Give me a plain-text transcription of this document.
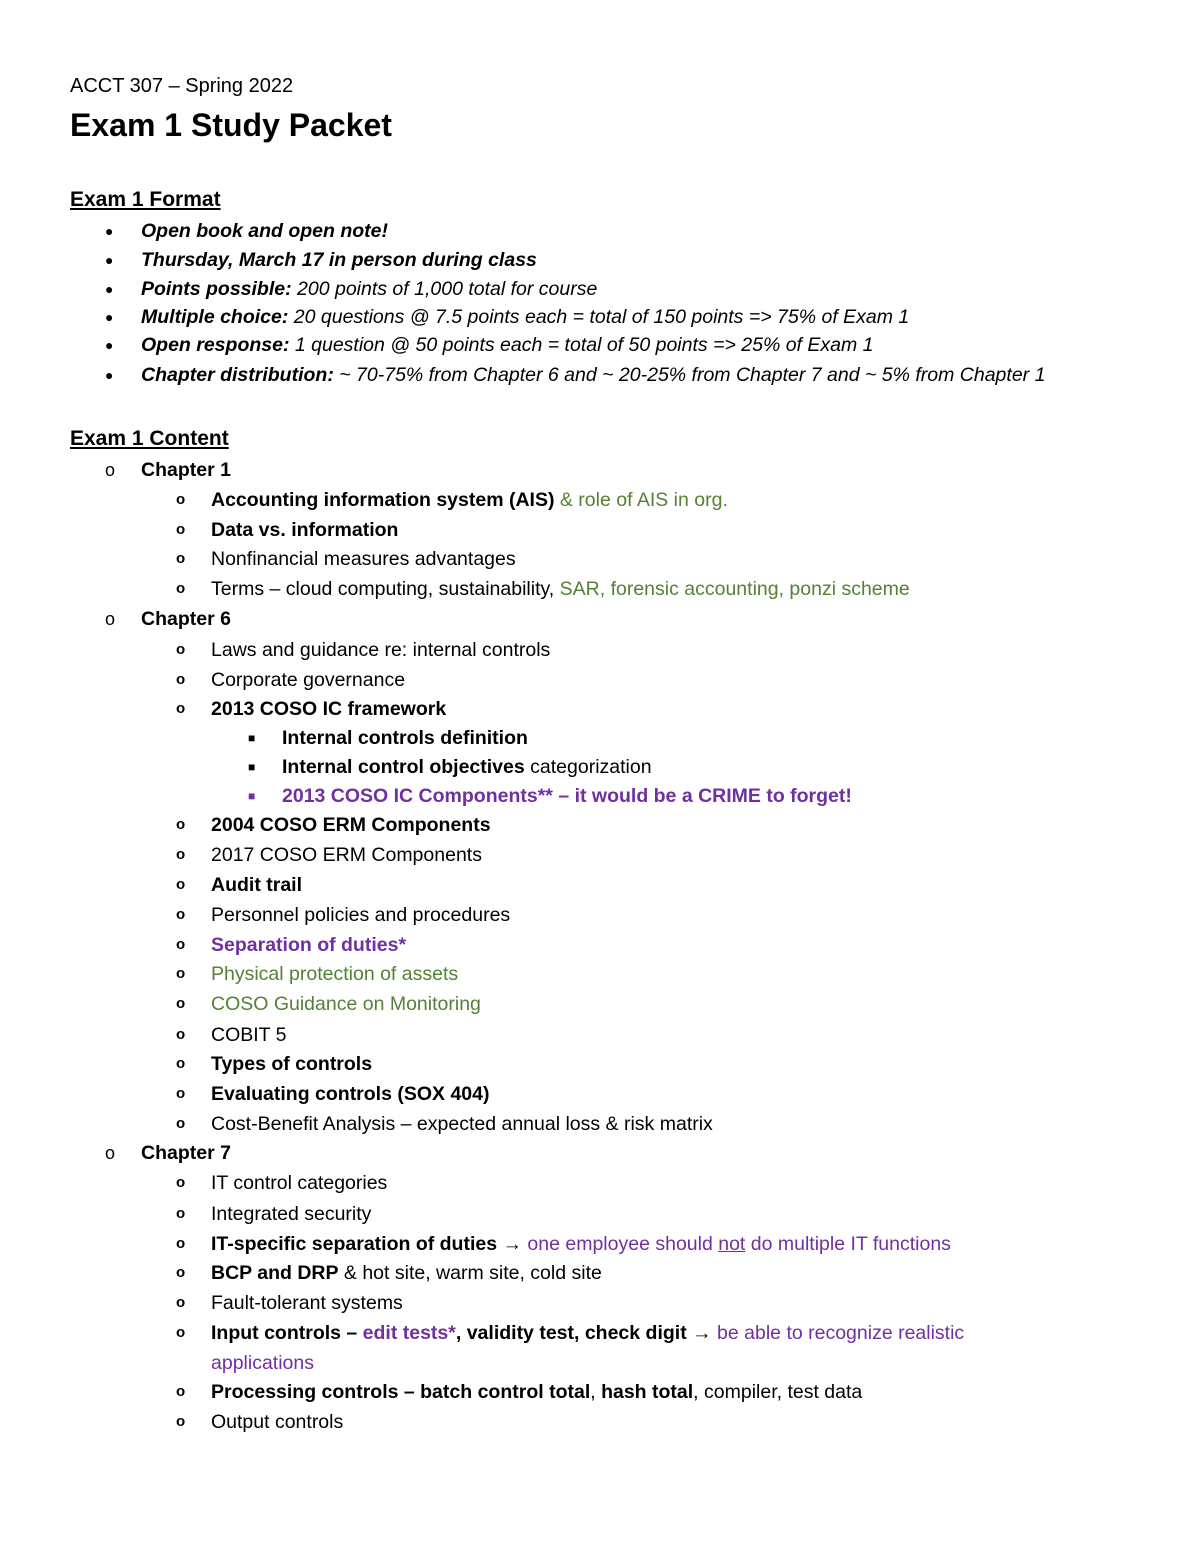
ACCT 307 – Spring 2022
Exam 1 Study Packet
Exam 1 Format
● Open book and open note!
● Thursday, March 17 in person during class
● Points possible: 200 points of 1,000 total for course
● Multiple choice: 20 questions @ 7.5 points each = total of 150 points => 75% of Exam 1
● Open response: 1 question @ 50 points each = total of 50 points => 25% of Exam 1
● Chapter distribution: ~ 70-75% from Chapter 6 and ~ 20-25% from Chapter 7 and ~ 5% from Chapter 1
Exam 1 Content
o Chapter 1
o Accounting information system (AIS) & role of AIS in org.
o Data vs. information
o Nonfinancial measures advantages
o Terms – cloud computing, sustainability, SAR, forensic accounting, ponzi scheme
o Chapter 6
o Laws and guidance re: internal controls
o Corporate governance
o 2013 COSO IC framework
■ Internal controls definition
■ Internal control objectives categorization
■ 2013 COSO IC Components** – it would be a CRIME to forget!
o 2004 COSO ERM Components
o 2017 COSO ERM Components
o Audit trail
o Personnel policies and procedures
o Separation of duties*
o Physical protection of assets
o COSO Guidance on Monitoring
o COBIT 5
o Types of controls
o Evaluating controls (SOX 404)
o Cost-Benefit Analysis – expected annual loss & risk matrix
o Chapter 7
o IT control categories
o Integrated security
o IT-specific separation of duties → one employee should not do multiple IT functions
o BCP and DRP & hot site, warm site, cold site
o Fault-tolerant systems
o Input controls – edit tests*, validity test, check digit → be able to recognize realistic
applications
o Processing controls – batch control total, hash total, compiler, test data
o Output controls
